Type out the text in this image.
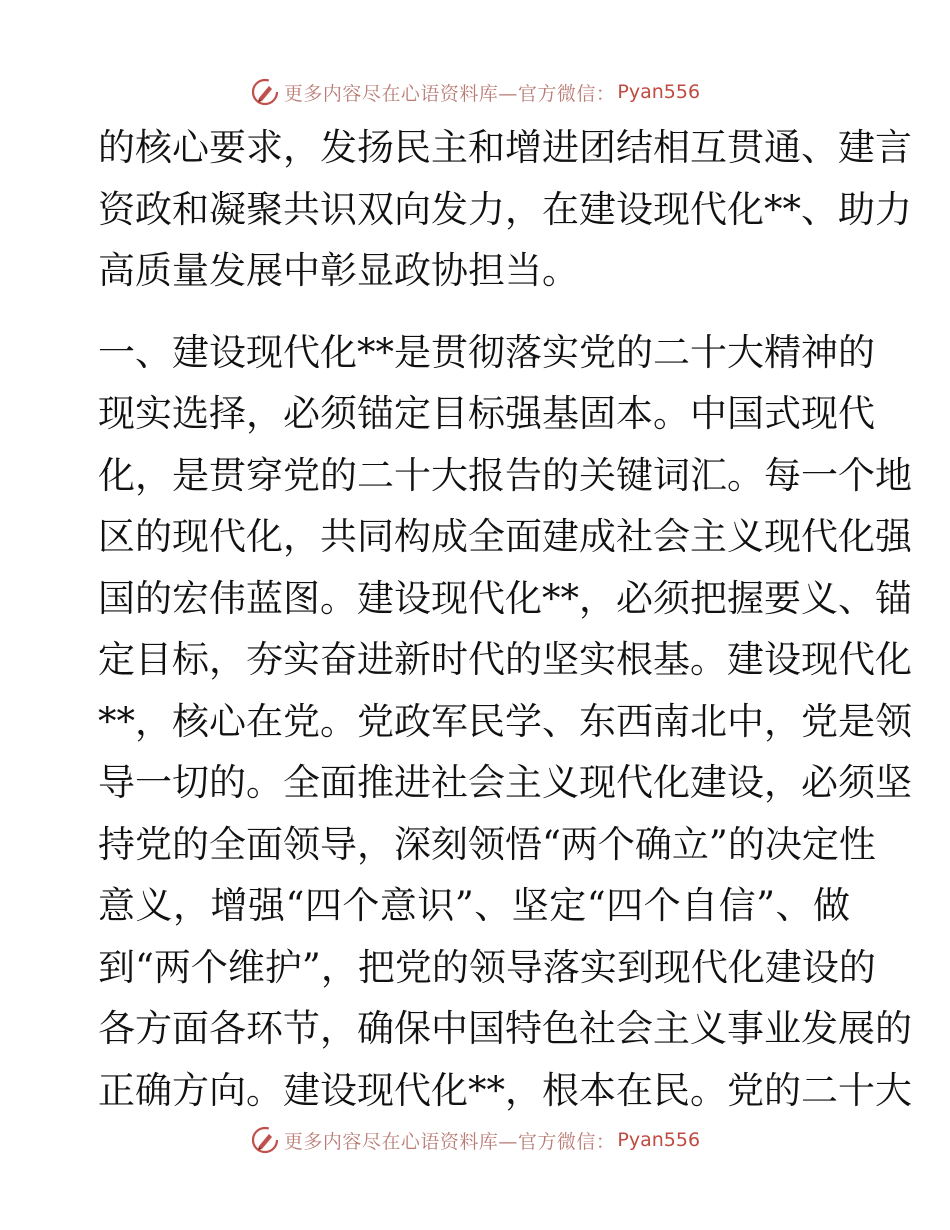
更多内容尽在心语资料库—官方微信： Pyan556
的核心要求，发扬民主和增进团结相互贯通、建言
资政和凝聚共识双向发力，在建设现代化**、助力
高质量发展中彰显政协担当。
一、建设现代化**是贯彻落实党的二十大精神的
现实选择，必须锚定目标强基固本。中国式现代
化，是贯穿党的二十大报告的关键词汇。每一个地
区的现代化，共同构成全面建成社会主义现代化强
国的宏伟蓝图。建设现代化**，必须把握要义、锚
定目标，夯实奋进新时代的坚实根基。建设现代化
**，核心在党。党政军民学、东西南北中，党是领
导一切的。全面推进社会主义现代化建设，必须坚
持党的全面领导，深刻领悟“两个确立”的决定性
意义，增强“四个意识”、坚定“四个自信”、做
到“两个维护”，把党的领导落实到现代化建设的
各方面各环节，确保中国特色社会主义事业发展的
正确方向。建设现代化**，根本在民。党的二十大
更多内容尽在心语资料库—官方微信： Pyan556
